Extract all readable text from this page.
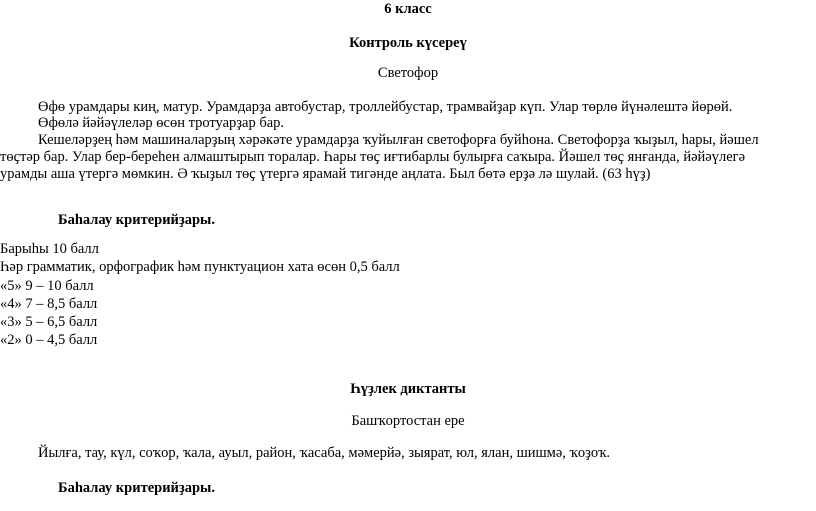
6 класс
Контроль күсереү
Светофор
Өфө урамдары киң, матур. Урамдарҙа автобустар, троллейбустар, трамвайҙар күп. Улар төрлө йүнәлештә йөрөй.
Өфөлә йәйәүлеләр өсөн тротуарҙар бар.
Кешеләрҙең һәм машиналарҙың хәрәкәте урамдарҙа ҡуйылған светофорға буйһона. Светофорҙа ҡыҙыл, һары, йәшел
төҫтәр бар. Улар бер-береһен алмаштырып торалар. Һары төҫ иғтибарлы булырға саҡыра. Йәшел төҫ янғанда, йәйәүлегә
урамды аша үтергә мөмкин. Ә ҡыҙыл төҫ үтергә ярамай тигәнде аңлата. Был бөтә ерҙә лә шулай. (63 һүҙ)
Баһалау критерийҙары.
Барыһы 10 балл
Һәр грамматик, орфографик һәм пунктуацион хата өсөн 0,5 балл
«5» 9 – 10 балл
«4» 7 – 8,5 балл
«3» 5 – 6,5 балл
«2» 0 – 4,5 балл
Һүҙлек диктанты
Башҡортостан ере
Йылға, тау, күл, соҡор, ҡала, ауыл, район, ҡасаба, мәмерйә, зыярат, юл, ялан, шишмә, ҡоҙоҡ.
Баһалау критерийҙары.
